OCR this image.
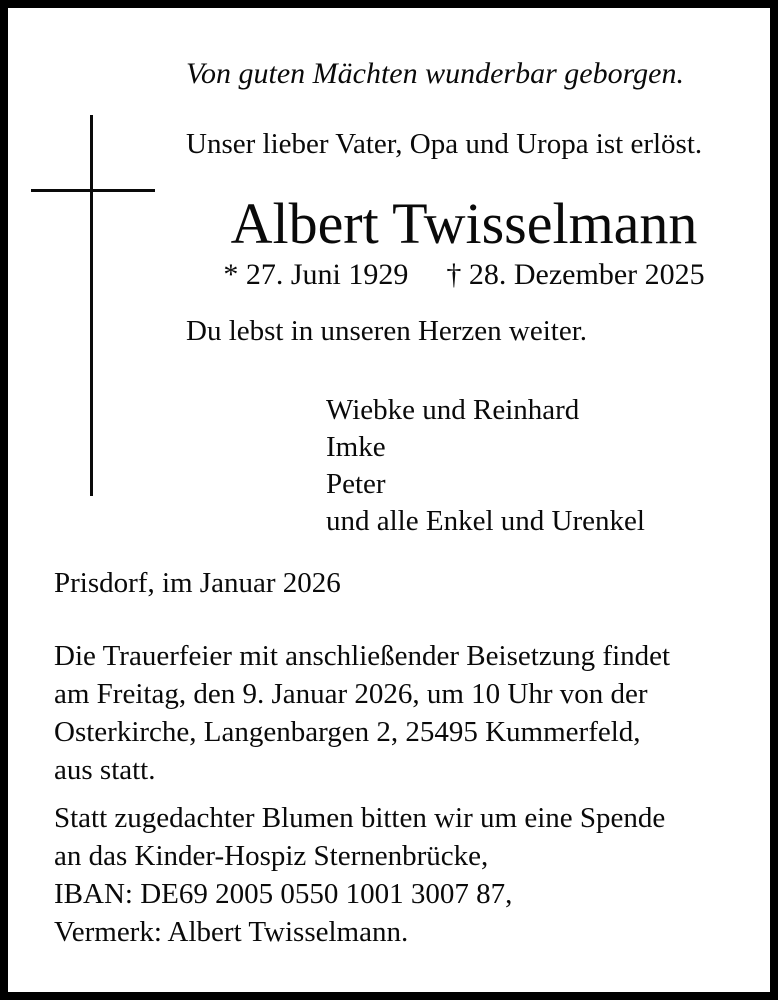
Von guten Mächten wunderbar geborgen.
Unser lieber Vater, Opa und Uropa ist erlöst.
Albert Twisselmann
* 27. Juni 1929 † 28. Dezember 2025
Du lebst in unseren Herzen weiter.
Wiebke und Reinhard
Imke
Peter
und alle Enkel und Urenkel
Prisdorf, im Januar 2026
Die Trauerfeier mit anschließender Beisetzung findet
am Freitag, den 9. Januar 2026, um 10 Uhr von der
Osterkirche, Langenbargen 2, 25495 Kummerfeld,
aus statt.
Statt zugedachter Blumen bitten wir um eine Spende
an das Kinder-Hospiz Sternenbrücke,
IBAN: DE69 2005 0550 1001 3007 87,
Vermerk: Albert Twisselmann.
